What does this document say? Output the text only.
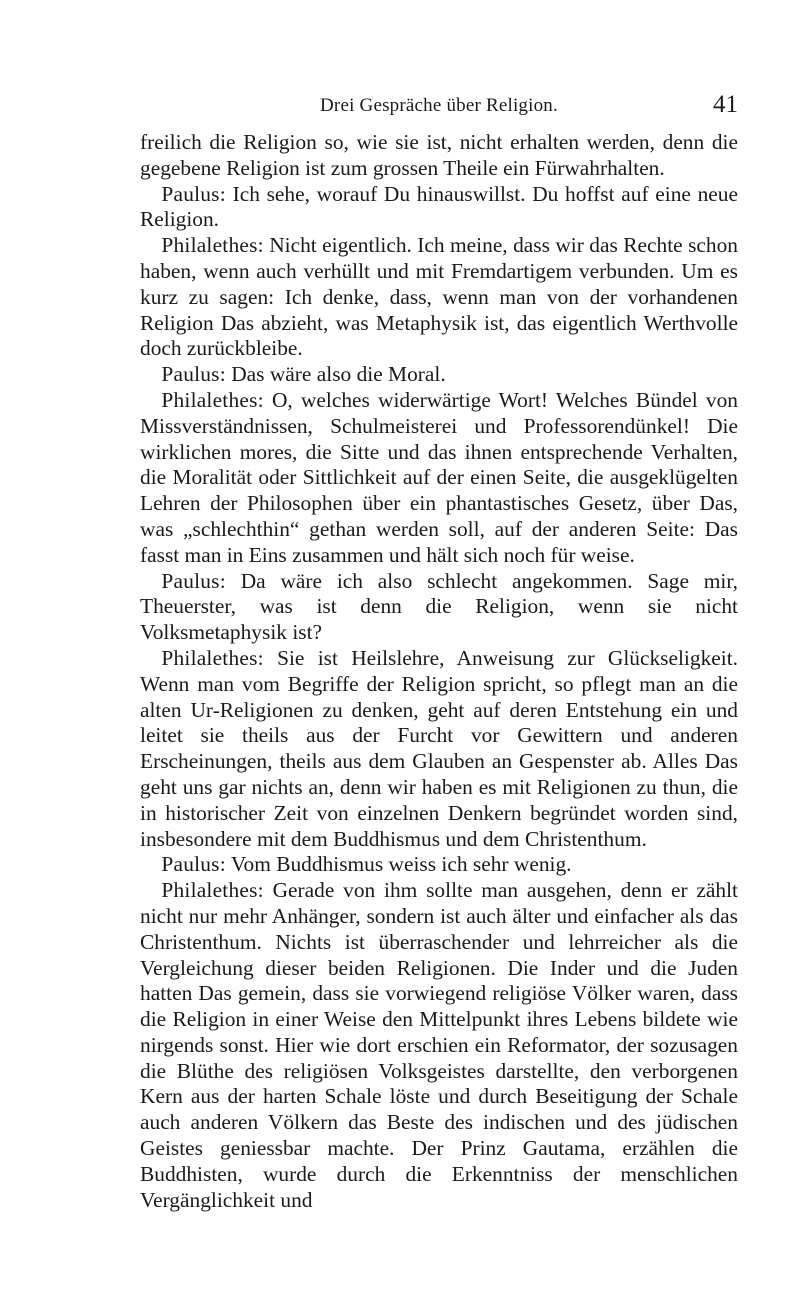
Drei Gespräche über Religion.	41

freilich die Religion so, wie sie ist, nicht erhalten werden, denn die gegebene Religion ist zum grossen Theile ein Fürwahrhalten.

Paulus: Ich sehe, worauf Du hinauswillst. Du hoffst auf eine neue Religion.

Philalethes: Nicht eigentlich. Ich meine, dass wir das Rechte schon haben, wenn auch verhüllt und mit Fremdartigem verbunden. Um es kurz zu sagen: Ich denke, dass, wenn man von der vorhandenen Religion Das abzieht, was Metaphysik ist, das eigentlich Werthvolle doch zurückbleibe.

Paulus: Das wäre also die Moral.

Philalethes: O, welches widerwärtige Wort! Welches Bündel von Missverständnissen, Schulmeisterei und Professorendünkel! Die wirklichen mores, die Sitte und das ihnen entsprechende Verhalten, die Moralität oder Sittlichkeit auf der einen Seite, die ausgeklügelten Lehren der Philosophen über ein phantastisches Gesetz, über Das, was „schlechthin“ gethan werden soll, auf der anderen Seite: Das fasst man in Eins zusammen und hält sich noch für weise.

Paulus: Da wäre ich also schlecht angekommen. Sage mir, Theuerster, was ist denn die Religion, wenn sie nicht Volksmetaphysik ist?

Philalethes: Sie ist Heilslehre, Anweisung zur Glückseligkeit. Wenn man vom Begriffe der Religion spricht, so pflegt man an die alten Ur-Religionen zu denken, geht auf deren Entstehung ein und leitet sie theils aus der Furcht vor Gewittern und anderen Erscheinungen, theils aus dem Glauben an Gespenster ab. Alles Das geht uns gar nichts an, denn wir haben es mit Religionen zu thun, die in historischer Zeit von einzelnen Denkern begründet worden sind, insbesondere mit dem Buddhismus und dem Christenthum.

Paulus: Vom Buddhismus weiss ich sehr wenig.

Philalethes: Gerade von ihm sollte man ausgehen, denn er zählt nicht nur mehr Anhänger, sondern ist auch älter und einfacher als das Christenthum. Nichts ist überraschender und lehrreicher als die Vergleichung dieser beiden Religionen. Die Inder und die Juden hatten Das gemein, dass sie vorwiegend religiöse Völker waren, dass die Religion in einer Weise den Mittelpunkt ihres Lebens bildete wie nirgends sonst. Hier wie dort erschien ein Reformator, der sozusagen die Blüthe des religiösen Volksgeistes darstellte, den verborgenen Kern aus der harten Schale löste und durch Beseitigung der Schale auch anderen Völkern das Beste des indischen und des jüdischen Geistes geniessbar machte. Der Prinz Gautama, erzählen die Buddhisten, wurde durch die Erkenntniss der menschlichen Vergänglichkeit und
